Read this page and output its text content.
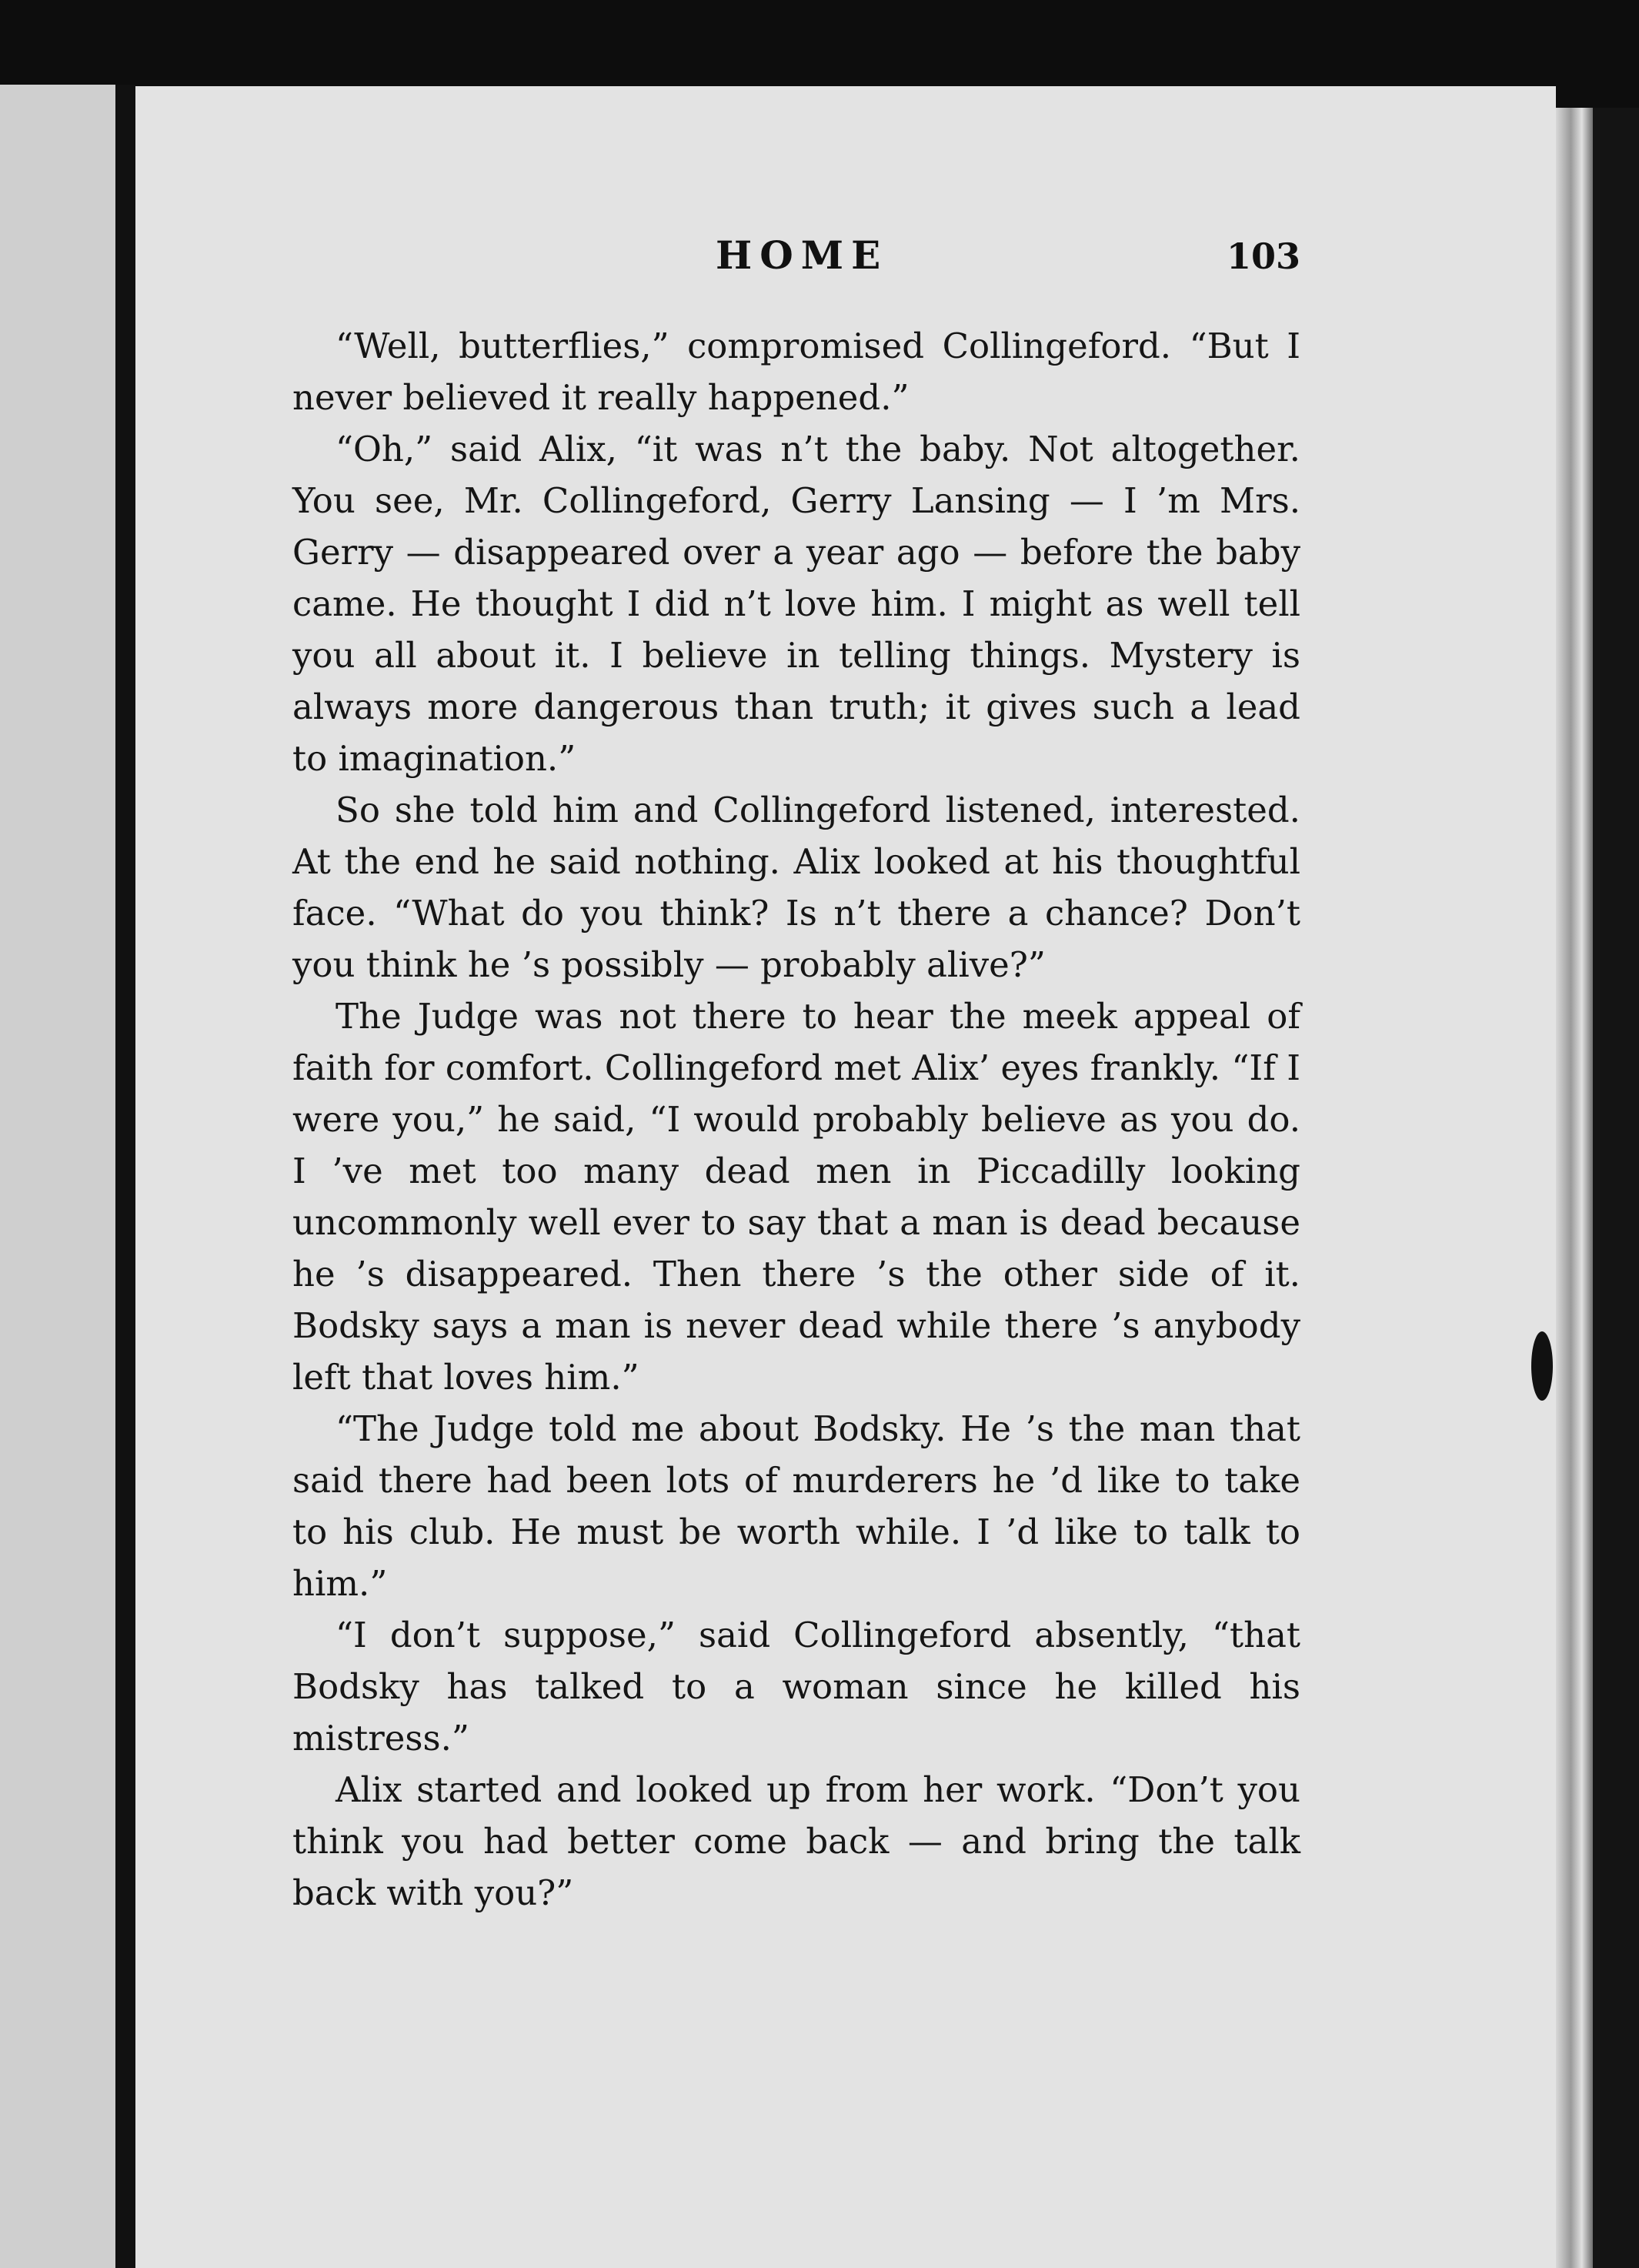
HOME	103

“Well, butterflies,” compromised Collingeford. “But I never believed it really happened.”

“Oh,” said Alix, “it was n’t the baby. Not altogether. You see, Mr. Collingeford, Gerry Lansing — I ’m Mrs. Gerry — disappeared over a year ago — before the baby came. He thought I did n’t love him. I might as well tell you all about it. I believe in telling things. Mystery is always more dangerous than truth; it gives such a lead to imagination.”

So she told him and Collingeford listened, interested. At the end he said nothing. Alix looked at his thoughtful face. “What do you think? Is n’t there a chance? Don’t you think he ’s possibly — probably alive?”

The Judge was not there to hear the meek appeal of faith for comfort. Collingeford met Alix’ eyes frankly. “If I were you,” he said, “I would probably believe as you do. I ’ve met too many dead men in Piccadilly looking uncommonly well ever to say that a man is dead because he ’s disappeared. Then there ’s the other side of it. Bodsky says a man is never dead while there ’s anybody left that loves him.”

“The Judge told me about Bodsky. He ’s the man that said there had been lots of murderers he ’d like to take to his club. He must be worth while. I ’d like to talk to him.”

“I don’t suppose,” said Collingeford absently, “that Bodsky has talked to a woman since he killed his mistress.”

Alix started and looked up from her work. “Don’t you think you had better come back — and bring the talk back with you?”
